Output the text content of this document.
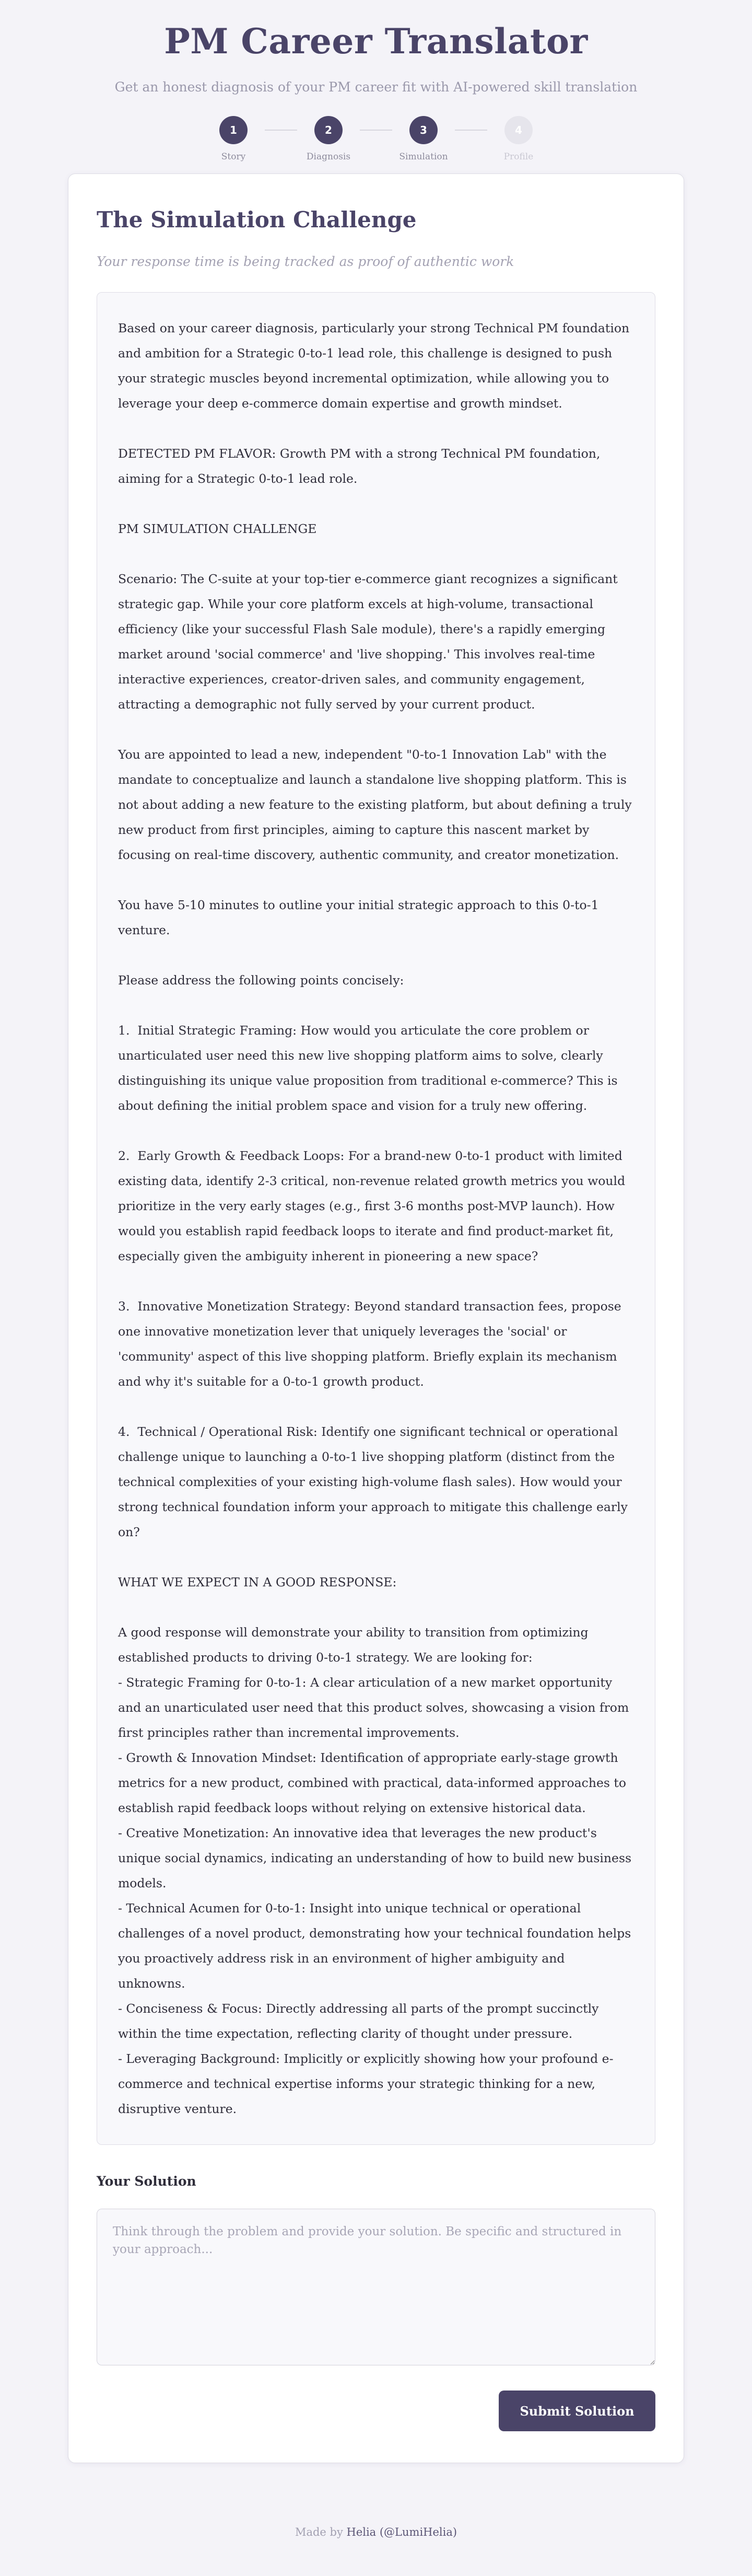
PM Career Translator

Get an honest diagnosis of your PM career fit with AI-powered skill translation

1
Story
2
Diagnosis
3
Simulation
4
Profile
The Simulation Challenge

Your response time is being tracked as proof of authentic work

Based on your career diagnosis, particularly your strong Technical PM foundation and ambition for a Strategic 0-to-1 lead role, this challenge is designed to push your strategic muscles beyond incremental optimization, while allowing you to leverage your deep e-commerce domain expertise and growth mindset.

DETECTED PM FLAVOR: Growth PM with a strong Technical PM foundation, aiming for a Strategic 0-to-1 lead role.

PM SIMULATION CHALLENGE

Scenario: The C-suite at your top-tier e-commerce giant recognizes a significant strategic gap. While your core platform excels at high-volume, transactional efficiency (like your successful Flash Sale module), there's a rapidly emerging market around 'social commerce' and 'live shopping.' This involves real-time interactive experiences, creator-driven sales, and community engagement, attracting a demographic not fully served by your current product.

You are appointed to lead a new, independent "0-to-1 Innovation Lab" with the mandate to conceptualize and launch a standalone live shopping platform. This is not about adding a new feature to the existing platform, but about defining a truly new product from first principles, aiming to capture this nascent market by focusing on real-time discovery, authentic community, and creator monetization.

You have 5-10 minutes to outline your initial strategic approach to this 0-to-1 venture.

Please address the following points concisely:

1.  Initial Strategic Framing: How would you articulate the core problem or unarticulated user need this new live shopping platform aims to solve, clearly distinguishing its unique value proposition from traditional e-commerce? This is about defining the initial problem space and vision for a truly new offering.

2.  Early Growth & Feedback Loops: For a brand-new 0-to-1 product with limited existing data, identify 2-3 critical, non-revenue related growth metrics you would prioritize in the very early stages (e.g., first 3-6 months post-MVP launch). How would you establish rapid feedback loops to iterate and find product-market fit, especially given the ambiguity inherent in pioneering a new space?

3.  Innovative Monetization Strategy: Beyond standard transaction fees, propose one innovative monetization lever that uniquely leverages the 'social' or 'community' aspect of this live shopping platform. Briefly explain its mechanism and why it's suitable for a 0-to-1 growth product.

4.  Technical / Operational Risk: Identify one significant technical or operational challenge unique to launching a 0-to-1 live shopping platform (distinct from the technical complexities of your existing high-volume flash sales). How would your strong technical foundation inform your approach to mitigate this challenge early on?

WHAT WE EXPECT IN A GOOD RESPONSE:

A good response will demonstrate your ability to transition from optimizing established products to driving 0-to-1 strategy. We are looking for:
- Strategic Framing for 0-to-1: A clear articulation of a new market opportunity and an unarticulated user need that this product solves, showcasing a vision from first principles rather than incremental improvements.
- Growth & Innovation Mindset: Identification of appropriate early-stage growth metrics for a new product, combined with practical, data-informed approaches to establish rapid feedback loops without relying on extensive historical data.
- Creative Monetization: An innovative idea that leverages the new product's unique social dynamics, indicating an understanding of how to build new business models.
- Technical Acumen for 0-to-1: Insight into unique technical or operational challenges of a novel product, demonstrating how your technical foundation helps you proactively address risk in an environment of higher ambiguity and unknowns.
- Conciseness & Focus: Directly addressing all parts of the prompt succinctly within the time expectation, reflecting clarity of thought under pressure.
- Leveraging Background: Implicitly or explicitly showing how your profound e-commerce and technical expertise informs your strategic thinking for a new, disruptive venture.
Your Solution
Think through the problem and provide your solution. Be specific and structured in your approach...
Submit Solution
Made by Helia (@LumiHelia)
